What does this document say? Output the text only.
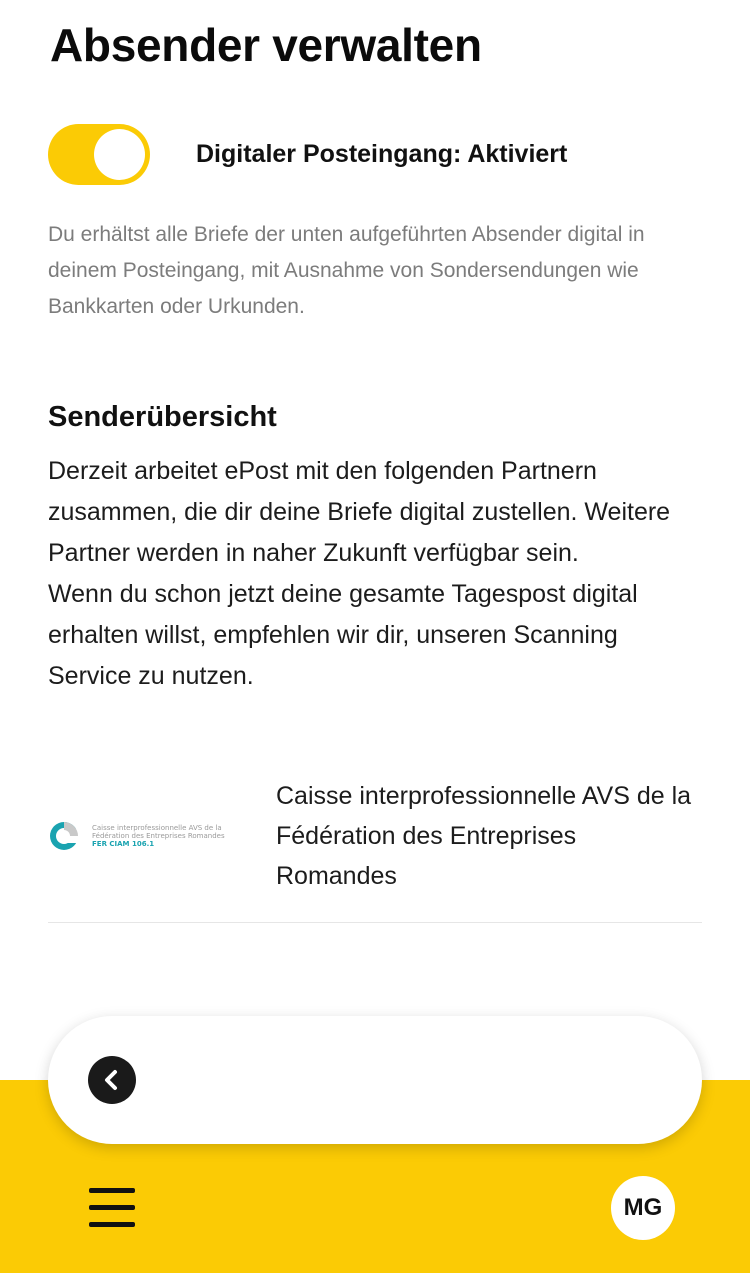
Absender verwalten
Digitaler Posteingang: Aktiviert
Du erhältst alle Briefe der unten aufgeführten Absender digital in deinem Posteingang, mit Ausnahme von Sondersendungen wie Bankkarten oder Urkunden.
Senderübersicht

Derzeit arbeitet ePost mit den folgenden Partnern zusammen, die dir deine Briefe digital zustellen. Weitere Partner werden in naher Zukunft verfügbar sein.

Wenn du schon jetzt deine gesamte Tagespost digital erhalten willst, empfehlen wir dir, unseren Scanning Service zu nutzen.

Caisse interprofessionnelle AVS de la
Fédération des Entreprises Romandes
FER CIAM 106.1
Caisse interprofessionnelle AVS de la Fédération des Entreprises Romandes
MG
